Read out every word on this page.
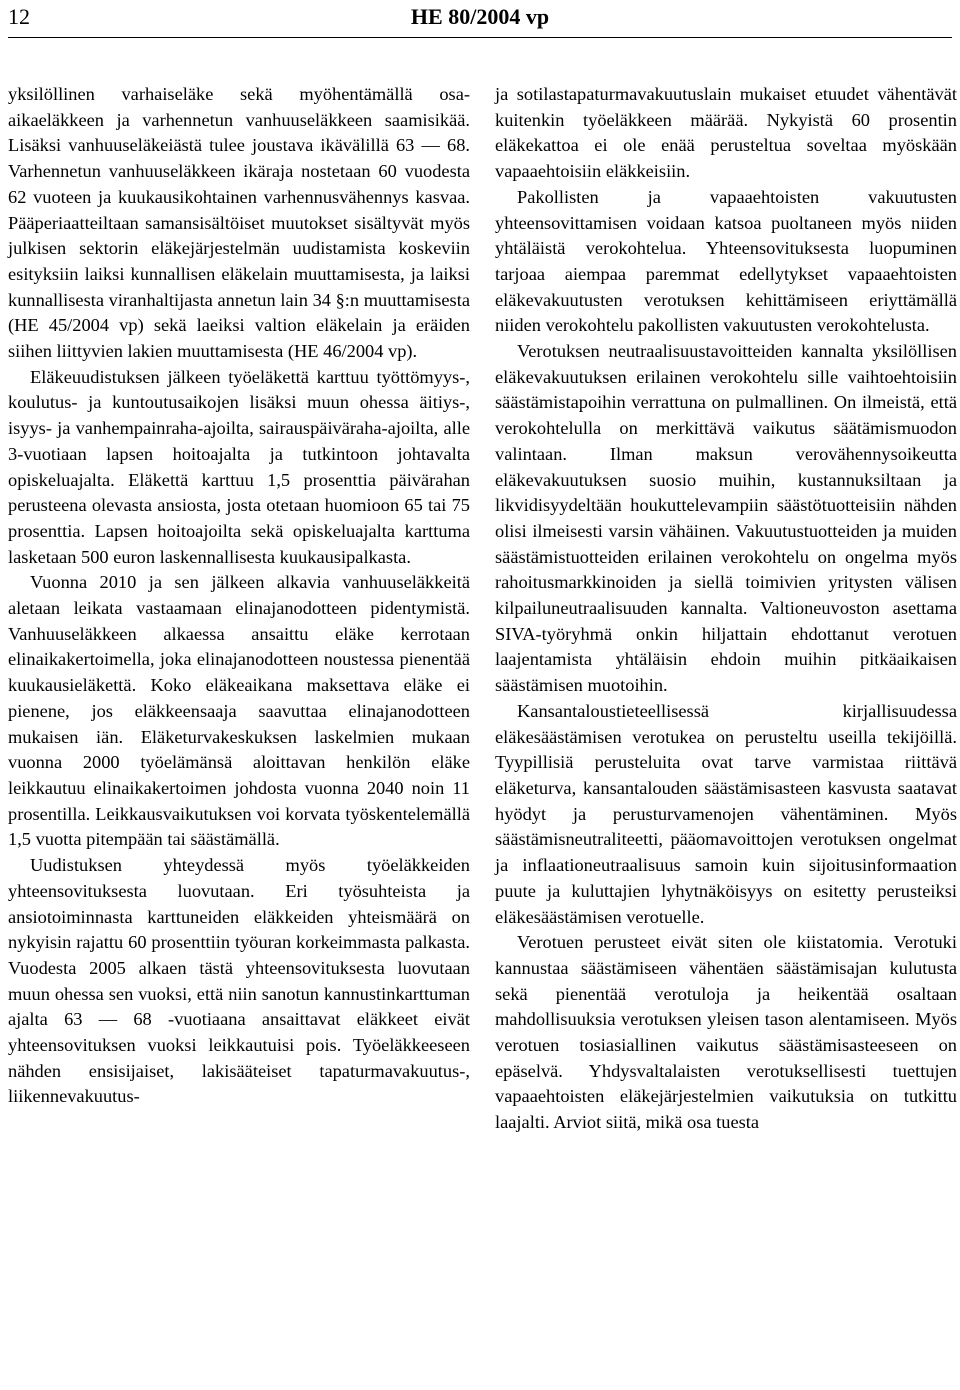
12	HE 80/2004 vp

yksilöllinen varhaiseläke sekä myöhentämällä osa-aikaeläkkeen ja varhennetun vanhuuseläkkeen saamisikää. Lisäksi vanhuuseläkeiästä tulee joustava ikävälillä 63 — 68. Varhennetun vanhuuseläkkeen ikäraja nostetaan 60 vuodesta 62 vuoteen ja kuukausikohtainen varhennusvähennys kasvaa. Pääperiaatteiltaan samansisältöiset muutokset sisältyvät myös julkisen sektorin eläkejärjestelmän uudistamista koskeviin esityksiin laiksi kunnallisen eläkelain muuttamisesta, ja laiksi kunnallisesta viranhaltijasta annetun lain 34 §:n muuttamisesta (HE 45/2004 vp) sekä laeiksi valtion eläkelain ja eräiden siihen liittyvien lakien muuttamisesta (HE 46/2004 vp).

Eläkeuudistuksen jälkeen työeläkettä karttuu työttömyys-, koulutus- ja kuntoutusaikojen lisäksi muun ohessa äitiys-, isyys- ja vanhempainraha-ajoilta, sairauspäiväraha-ajoilta, alle 3-vuotiaan lapsen hoitoajalta ja tutkintoon johtavalta opiskeluajalta. Eläkettä karttuu 1,5 prosenttia päivärahan perusteena olevasta ansiosta, josta otetaan huomioon 65 tai 75 prosenttia. Lapsen hoitoajoilta sekä opiskeluajalta karttuma lasketaan 500 euron laskennallisesta kuukausipalkasta.

Vuonna 2010 ja sen jälkeen alkavia vanhuuseläkkeitä aletaan leikata vastaamaan elinajanodotteen pidentymistä. Vanhuuseläkkeen alkaessa ansaittu eläke kerrotaan elinaikakertoimella, joka elinajanodotteen noustessa pienentää kuukausieläkettä. Koko eläkeaikana maksettava eläke ei pienene, jos eläkkeensaaja saavuttaa elinajanodotteen mukaisen iän. Eläketurvakeskuksen laskelmien mukaan vuonna 2000 työelämänsä aloittavan henkilön eläke leikkautuu elinaikakertoimen johdosta vuonna 2040 noin 11 prosentilla. Leikkausvaikutuksen voi korvata työskentelemällä 1,5 vuotta pitempään tai säästämällä.

Uudistuksen yhteydessä myös työeläkkeiden yhteensovituksesta luovutaan. Eri työsuhteista ja ansiotoiminnasta karttuneiden eläkkeiden yhteismäärä on nykyisin rajattu 60 prosenttiin työuran korkeimmasta palkasta. Vuodesta 2005 alkaen tästä yhteensovituksesta luovutaan muun ohessa sen vuoksi, että niin sanotun kannustinkarttuman ajalta 63 — 68 -vuotiaana ansaittavat eläkkeet eivät yhteensovituksen vuoksi leikkautuisi pois. Työeläkkeeseen nähden ensisijaiset, lakisääteiset tapaturmavakuutus-, liikennevakuutus-

ja sotilastapaturmavakuutuslain mukaiset etuudet vähentävät kuitenkin työeläkkeen määrää. Nykyistä 60 prosentin eläkekattoa ei ole enää perusteltua soveltaa myöskään vapaaehtoisiin eläkkeisiin.

Pakollisten ja vapaaehtoisten vakuutusten yhteensovittamisen voidaan katsoa puoltaneen myös niiden yhtäläistä verokohtelua. Yhteensovituksesta luopuminen tarjoaa aiempaa paremmat edellytykset vapaaehtoisten eläkevakuutusten verotuksen kehittämiseen eriyttämällä niiden verokohtelu pakollisten vakuutusten verokohtelusta.

Verotuksen neutraalisuustavoitteiden kannalta yksilöllisen eläkevakuutuksen erilainen verokohtelu sille vaihtoehtoisiin säästämistapoihin verrattuna on pulmallinen. On ilmeistä, että verokohtelulla on merkittävä vaikutus säätämismuodon valintaan. Ilman maksun verovähennysoikeutta eläkevakuutuksen suosio muihin, kustannuksiltaan ja likvidisyydeltään houkuttelevampiin säästötuotteisiin nähden olisi ilmeisesti varsin vähäinen. Vakuutustuotteiden ja muiden säästämistuotteiden erilainen verokohtelu on ongelma myös rahoitusmarkkinoiden ja siellä toimivien yritysten välisen kilpailuneutraalisuuden kannalta. Valtioneuvoston asettama SIVA-työryhmä onkin hiljattain ehdottanut verotuen laajentamista yhtäläisin ehdoin muihin pitkäaikaisen säästämisen muotoihin.

Kansantaloustieteellisessä kirjallisuudessa eläkesäästämisen verotukea on perusteltu useilla tekijöillä. Tyypillisiä perusteluita ovat tarve varmistaa riittävä eläketurva, kansantalouden säästämisasteen kasvusta saatavat hyödyt ja perusturvamenojen vähentäminen. Myös säästämisneutraliteetti, pääomavoittojen verotuksen ongelmat ja inflaationeutraalisuus samoin kuin sijoitusinformaation puute ja kuluttajien lyhytnäköisyys on esitetty perusteiksi eläkesäästämisen verotuelle.

Verotuen perusteet eivät siten ole kiistatomia. Verotuki kannustaa säästämiseen vähentäen säästämisajan kulutusta sekä pienentää verotuloja ja heikentää osaltaan mahdollisuuksia verotuksen yleisen tason alentamiseen. Myös verotuen tosiasiallinen vaikutus säästämisasteeseen on epäselvä. Yhdysvaltalaisten verotuksellisesti tuettujen vapaaehtoisten eläkejärjestelmien vaikutuksia on tutkittu laajalti. Arviot siitä, mikä osa tuesta
